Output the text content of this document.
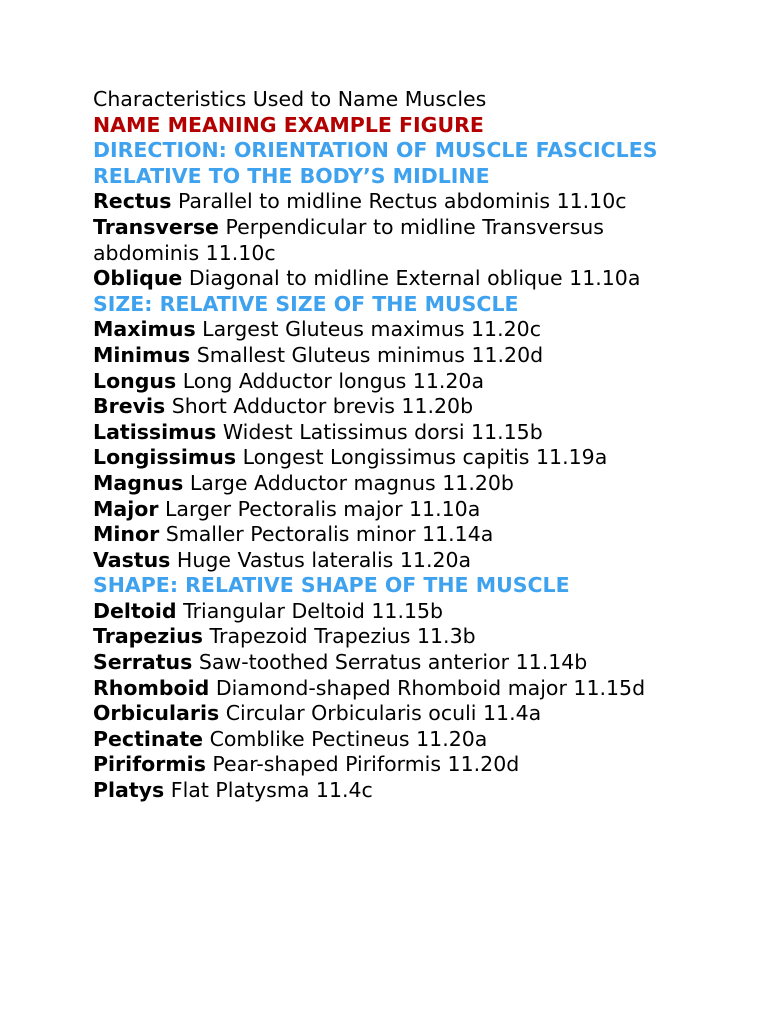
Characteristics Used to Name Muscles
NAME MEANING EXAMPLE FIGURE
DIRECTION: ORIENTATION OF MUSCLE FASCICLES RELATIVE TO THE BODY’S MIDLINE
Rectus Parallel to midline Rectus abdominis 11.10c
Transverse Perpendicular to midline Transversus abdominis 11.10c
Oblique Diagonal to midline External oblique 11.10a
SIZE: RELATIVE SIZE OF THE MUSCLE
Maximus Largest Gluteus maximus 11.20c
Minimus Smallest Gluteus minimus 11.20d
Longus Long Adductor longus 11.20a
Brevis Short Adductor brevis 11.20b
Latissimus Widest Latissimus dorsi 11.15b
Longissimus Longest Longissimus capitis 11.19a
Magnus Large Adductor magnus 11.20b
Major Larger Pectoralis major 11.10a
Minor Smaller Pectoralis minor 11.14a
Vastus Huge Vastus lateralis 11.20a
SHAPE: RELATIVE SHAPE OF THE MUSCLE
Deltoid Triangular Deltoid 11.15b
Trapezius Trapezoid Trapezius 11.3b
Serratus Saw-toothed Serratus anterior 11.14b
Rhomboid Diamond-shaped Rhomboid major 11.15d
Orbicularis Circular Orbicularis oculi 11.4a
Pectinate Comblike Pectineus 11.20a
Piriformis Pear-shaped Piriformis 11.20d
Platys Flat Platysma 11.4c
